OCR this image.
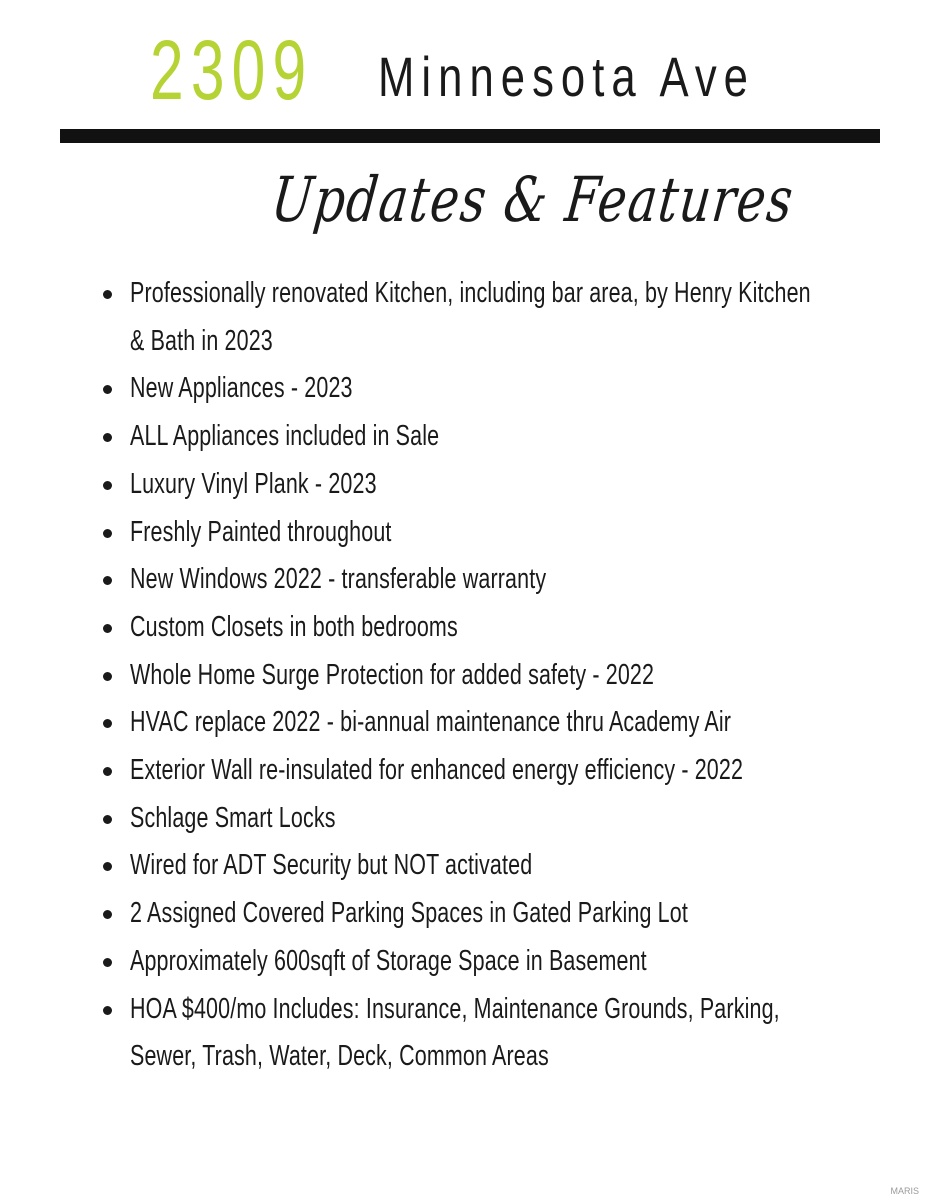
2309 Minnesota Ave
Updates & Features
Professionally renovated Kitchen, including bar area, by Henry Kitchen
& Bath in 2023
New Appliances - 2023
ALL Appliances included in Sale
Luxury Vinyl Plank - 2023
Freshly Painted throughout
New Windows 2022 - transferable warranty
Custom Closets in both bedrooms
Whole Home Surge Protection for added safety - 2022
HVAC replace 2022 - bi-annual maintenance thru Academy Air
Exterior Wall re-insulated for enhanced energy efficiency - 2022
Schlage Smart Locks
Wired for ADT Security but NOT activated
2 Assigned Covered Parking Spaces in Gated Parking Lot
Approximately 600sqft of Storage Space in Basement
HOA $400/mo Includes: Insurance, Maintenance Grounds, Parking,
Sewer, Trash, Water, Deck, Common Areas
MARIS
